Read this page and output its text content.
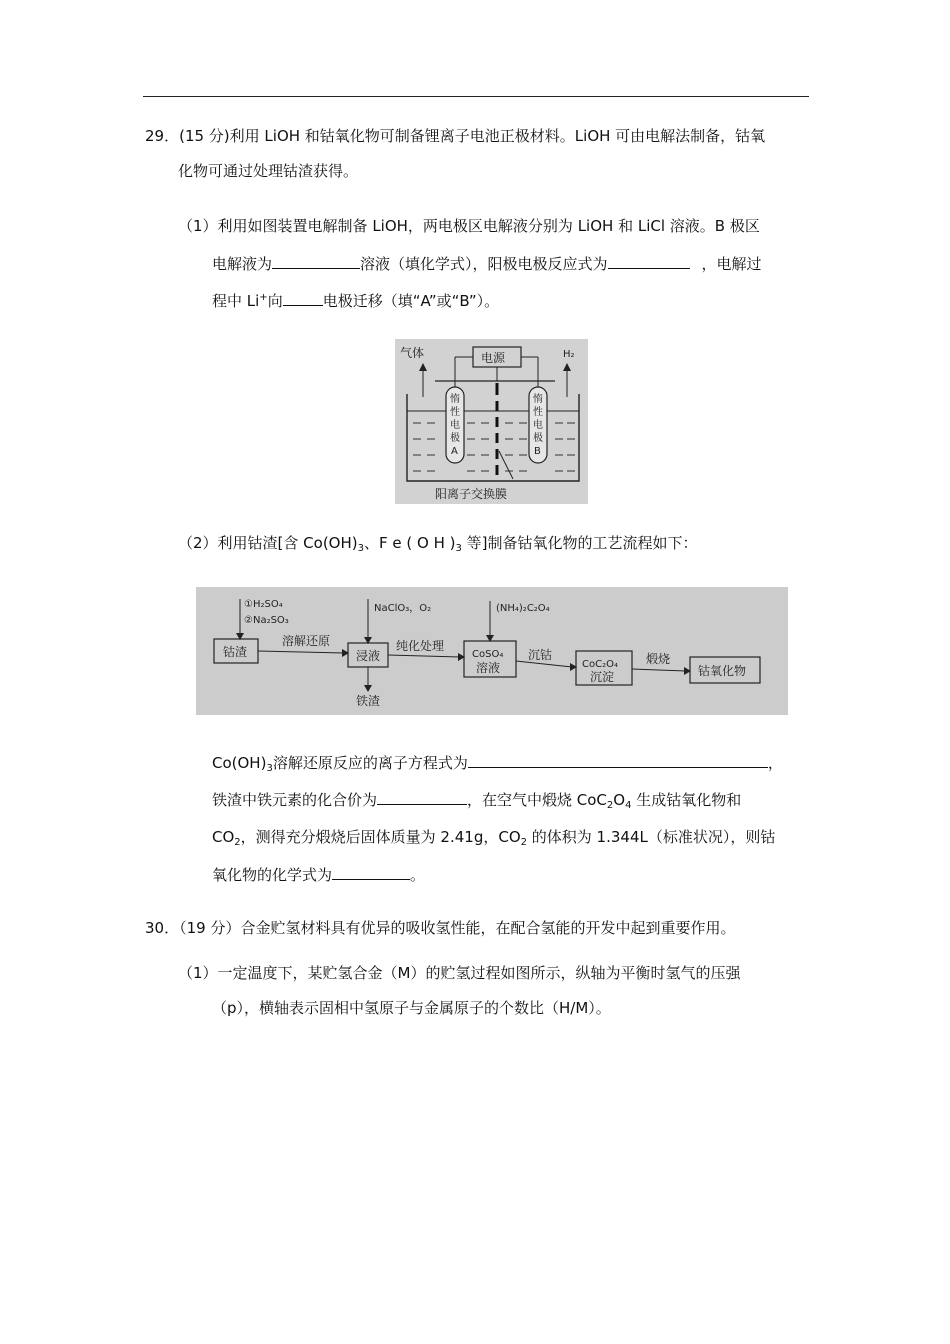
29．(15 分)利用 LiOH 和钴氧化物可制备锂离子电池正极材料。LiOH 可由电解法制备，钴氧
化物可通过处理钴渣获得。
（1）利用如图装置电解制备 LiOH，两电极区电解液分别为 LiOH 和 LiCl 溶液。B 极区
电解液为	溶液（填化学式），阳极电极反应式为	，电解过
程中 Li+向	电极迁移（填“A”或“B”）。
气体	电源	H₂
惰
性
电
极
A
惰
性
电
极
B
阳离子交换膜
（2）利用钴渣[含 $Co(OH)_3$、F e ( O H )$_3$ 等]制备钴氧化物的工艺流程如下：
①H₂SO₄
②Na₂SO₃
NaClO₃，O₂	(NH₄)₂C₂O₄
钴渣
溶解还原
浸液
纯化处理
CoSO₄
溶液
沉钴
CoC₂O₄
沉淀
煅烧
钴氧化物
铁渣
$Co(OH)_3$溶解还原反应的离子方程式为	，
铁渣中铁元素的化合价为	，在空气中煅烧 $CoC_2O_4$ 生成钴氧化物和
$CO_2$，测得充分煅烧后固体质量为 2.41g，$CO_2$ 的体积为 1.344L（标准状况），则钴
氧化物的化学式为	。
30．（19 分）合金贮氢材料具有优异的吸收氢性能，在配合氢能的开发中起到重要作用。
（1）一定温度下，某贮氢合金（M）的贮氢过程如图所示，纵轴为平衡时氢气的压强
（p），横轴表示固相中氢原子与金属原子的个数比（H/M）。
